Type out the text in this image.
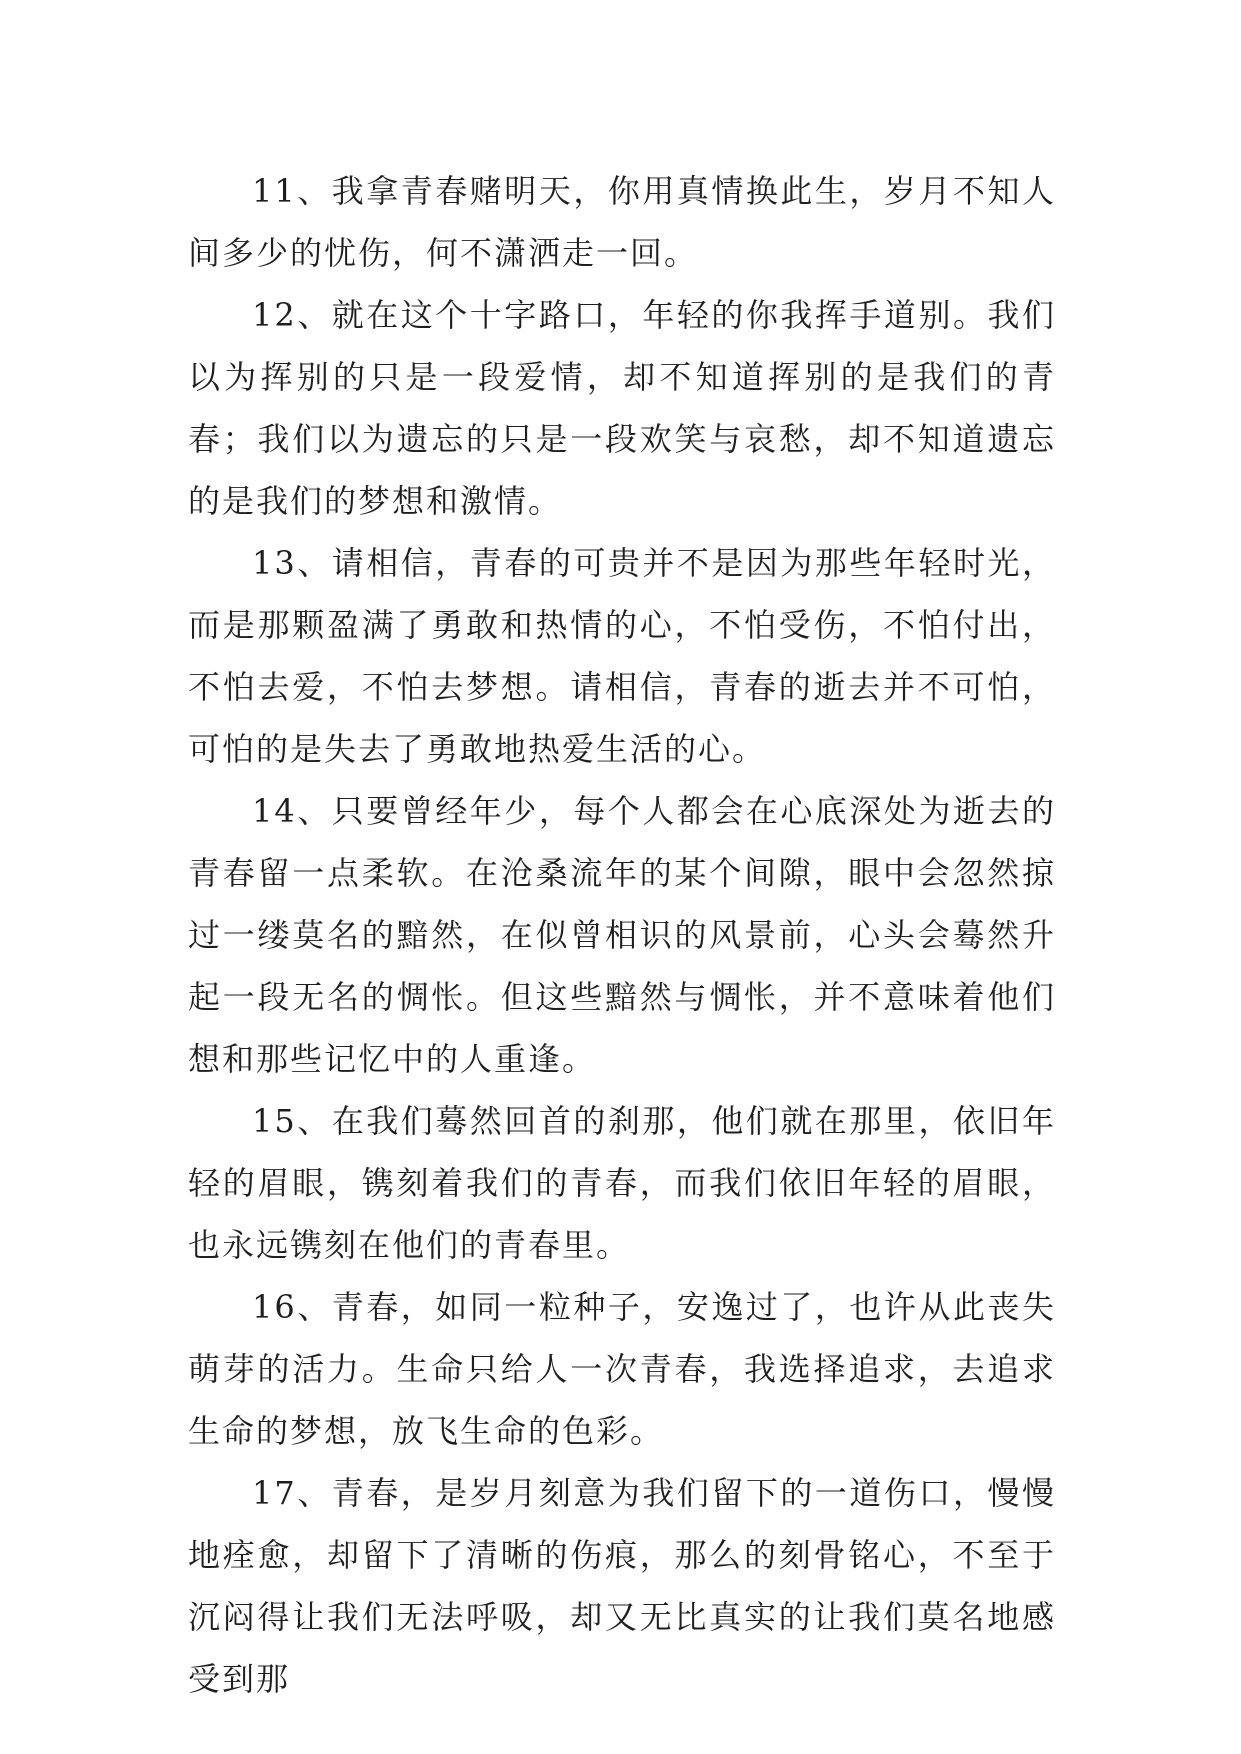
11、我拿青春赌明天，你用真情换此生，岁月不知人间多少的忧伤，何不潇洒走一回。

12、就在这个十字路口，年轻的你我挥手道别。我们以为挥别的只是一段爱情，却不知道挥别的是我们的青春；我们以为遗忘的只是一段欢笑与哀愁，却不知道遗忘的是我们的梦想和激情。

13、请相信，青春的可贵并不是因为那些年轻时光，而是那颗盈满了勇敢和热情的心，不怕受伤，不怕付出，不怕去爱，不怕去梦想。请相信，青春的逝去并不可怕，可怕的是失去了勇敢地热爱生活的心。

14、只要曾经年少，每个人都会在心底深处为逝去的青春留一点柔软。在沧桑流年的某个间隙，眼中会忽然掠过一缕莫名的黯然，在似曾相识的风景前，心头会蓦然升起一段无名的惆怅。但这些黯然与惆怅，并不意味着他们想和那些记忆中的人重逢。

15、在我们蓦然回首的刹那，他们就在那里，依旧年轻的眉眼，镌刻着我们的青春，而我们依旧年轻的眉眼，也永远镌刻在他们的青春里。

16、青春，如同一粒种子，安逸过了，也许从此丧失萌芽的活力。生命只给人一次青春，我选择追求，去追求生命的梦想，放飞生命的色彩。

17、青春，是岁月刻意为我们留下的一道伤口，慢慢地痊愈，却留下了清晰的伤痕，那么的刻骨铭心，不至于沉闷得让我们无法呼吸，却又无比真实的让我们莫名地感受到那
